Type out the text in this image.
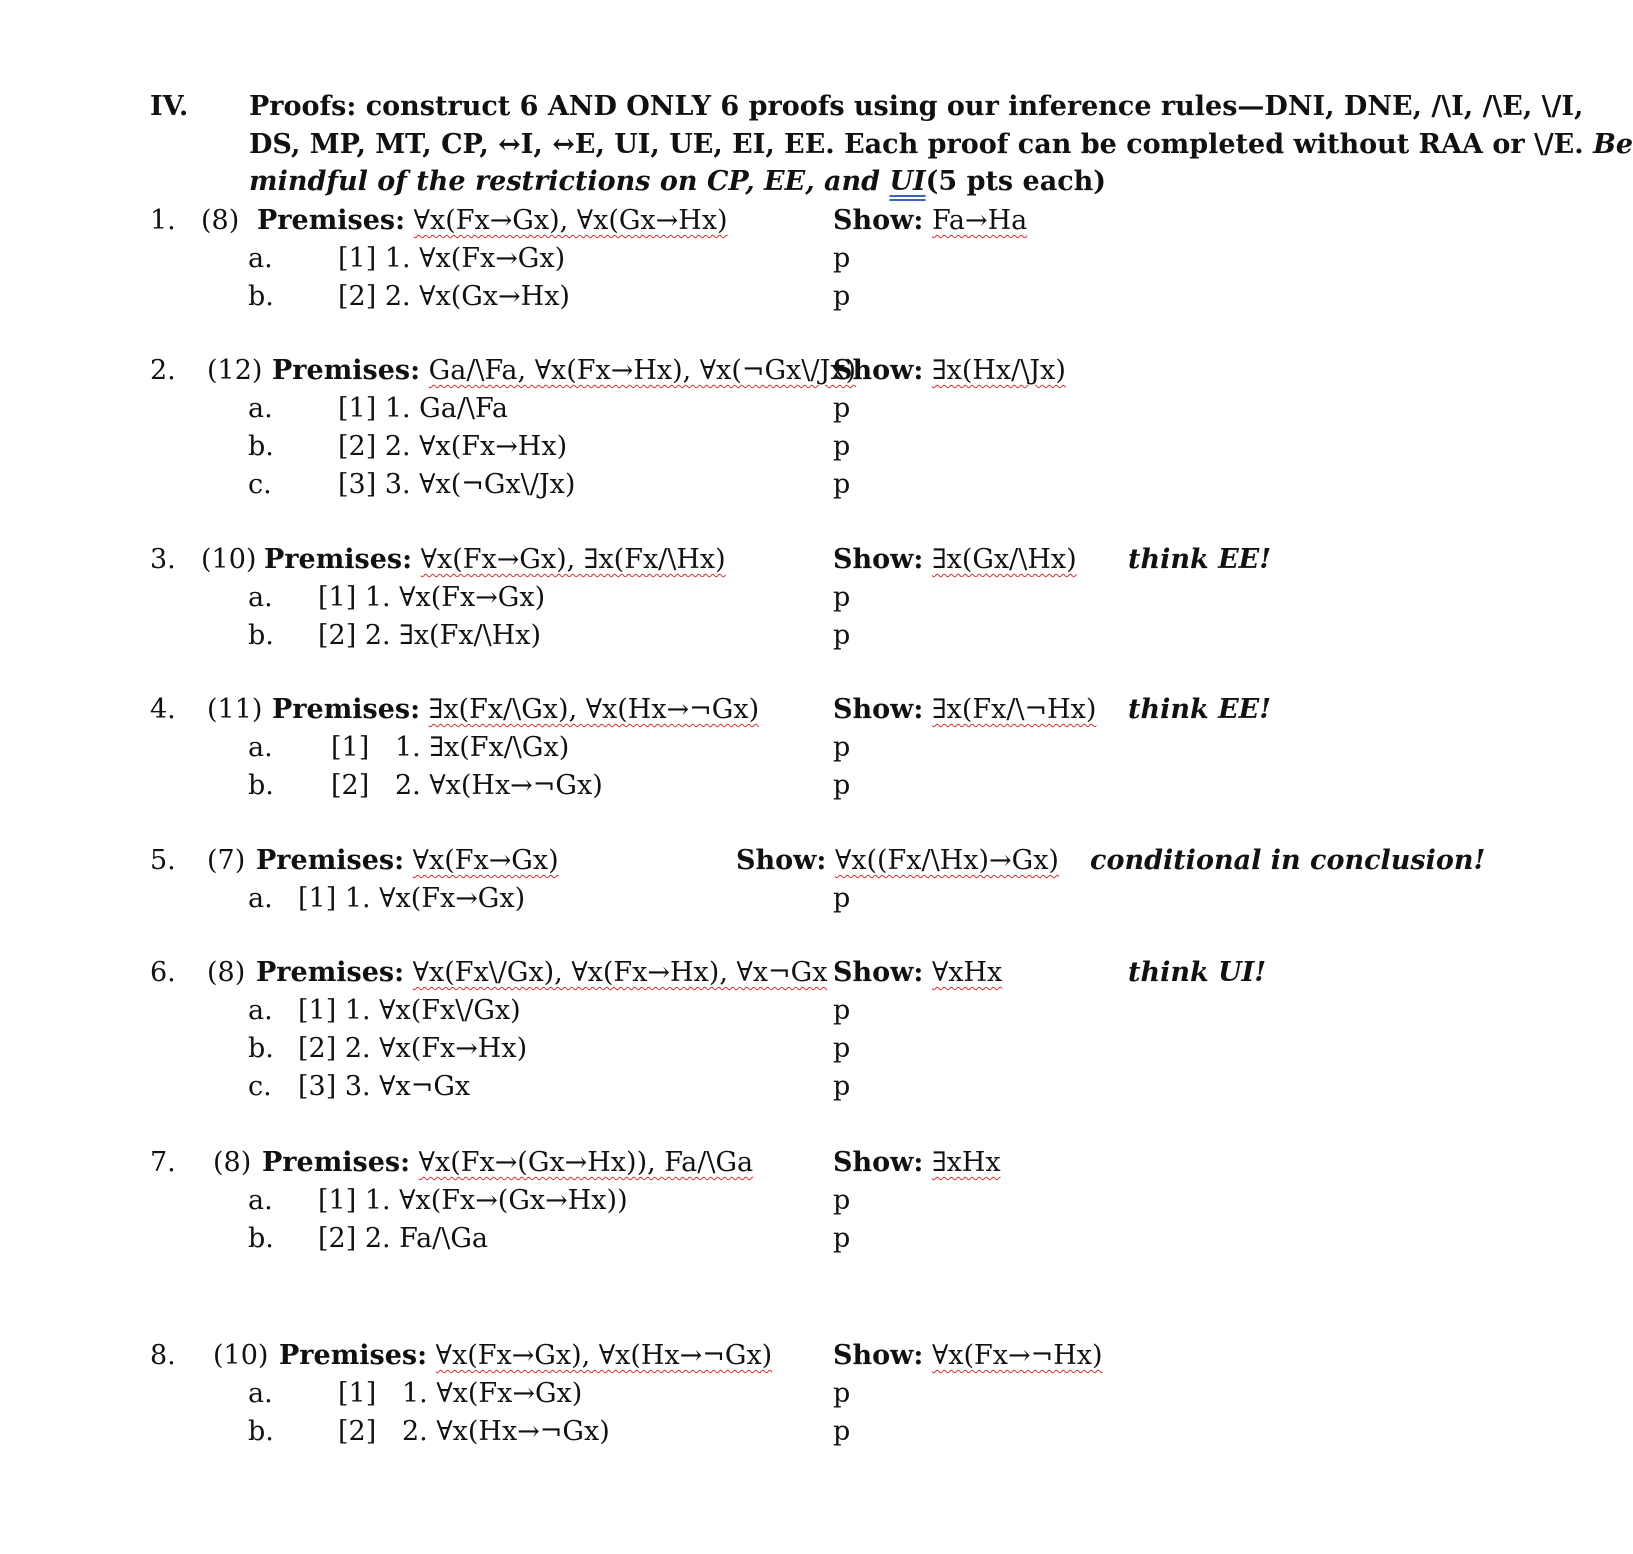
IV. Proofs: construct 6 AND ONLY 6 proofs using our inference rules—DNI, DNE, /\I, /\E, \/I,
DS, MP, MT, CP, ↔I, ↔E, UI, UE, EI, EE. Each proof can be completed without RAA or \/E. Be
mindful of the restrictions on CP, EE, and UI(5 pts each)
1. (8) Premises: ∀x(Fx→Gx), ∀x(Gx→Hx)	Show: Fa→Ha
a. [1] 1. ∀x(Fx→Gx)	p
b. [2] 2. ∀x(Gx→Hx)	p
2. (12) Premises: Ga/\Fa, ∀x(Fx→Hx), ∀x(¬Gx\/Jx)
Show: ∃x(Hx/\Jx)
a. [1] 1. Ga/\Fa	p
b. [2] 2. ∀x(Fx→Hx)	p
c. [3] 3. ∀x(¬Gx\/Jx)	p
3. (10) Premises: ∀x(Fx→Gx), ∃x(Fx/\Hx)	Show: ∃x(Gx/\Hx) think EE!
a. [1] 1. ∀x(Fx→Gx)	p
b. [2] 2. ∃x(Fx/\Hx)	p
4. (11) Premises: ∃x(Fx/\Gx), ∀x(Hx→¬Gx)	Show: ∃x(Fx/\¬Hx) think EE!
a. [1]   1. ∃x(Fx/\Gx)	p
b. [2]   2. ∀x(Hx→¬Gx)	p
5. (7) Premises: ∀x(Fx→Gx)	Show: ∀x((Fx/\Hx)→Gx) conditional in conclusion!
a. [1] 1. ∀x(Fx→Gx)	p
6. (8) Premises: ∀x(Fx\/Gx), ∀x(Fx→Hx), ∀x¬Gx Show: ∀xHx	think UI!
a. [1] 1. ∀x(Fx\/Gx)	p
b. [2] 2. ∀x(Fx→Hx)	p
c. [3] 3. ∀x¬Gx	p
7. (8) Premises: ∀x(Fx→(Gx→Hx)), Fa/\Ga	Show: ∃xHx
a. [1] 1. ∀x(Fx→(Gx→Hx))	p
b. [2] 2. Fa/\Ga	p
8. (10) Premises: ∀x(Fx→Gx), ∀x(Hx→¬Gx) Show: ∀x(Fx→¬Hx)
a. [1]   1. ∀x(Fx→Gx)	p
b. [2]   2. ∀x(Hx→¬Gx)	p
